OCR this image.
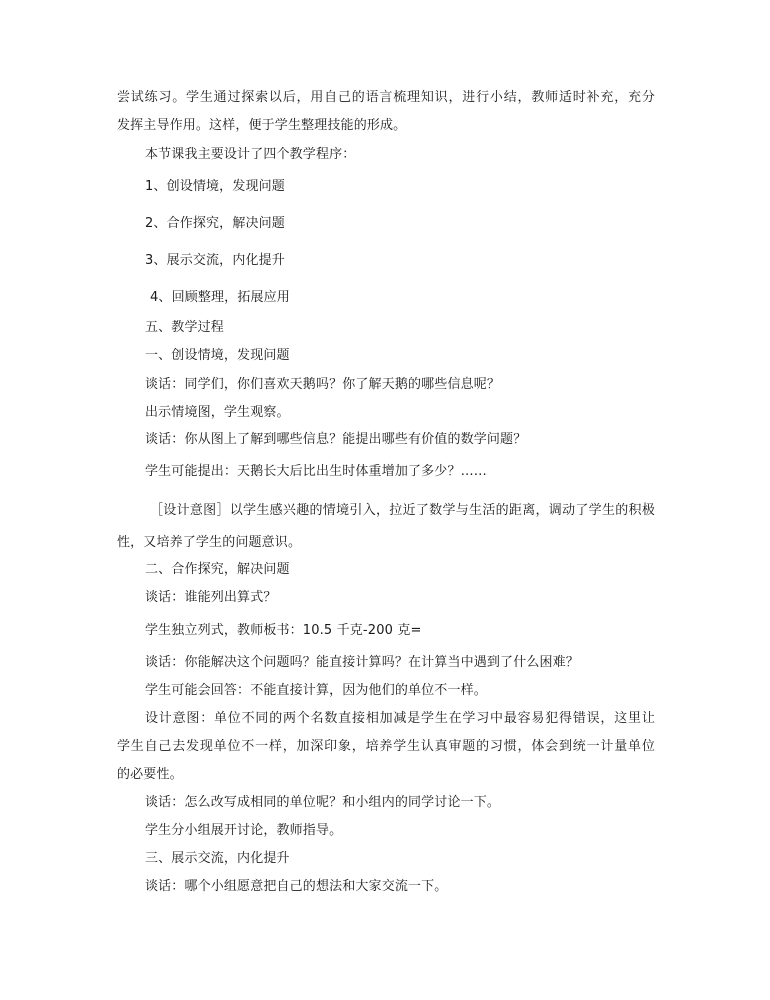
尝试练习。学生通过探索以后，用自己的语言梳理知识，进行小结，教师适时补充，充分

发挥主导作用。这样，便于学生整理技能的形成。

本节课我主要设计了四个教学程序：

1、创设情境，发现问题

2、合作探究，解决问题

3、展示交流，内化提升

4、回顾整理，拓展应用

五、教学过程

一、创设情境，发现问题

谈话：同学们，你们喜欢天鹅吗？你了解天鹅的哪些信息呢？

出示情境图，学生观察。

谈话：你从图上了解到哪些信息？能提出哪些有价值的数学问题？

学生可能提出：天鹅长大后比出生时体重增加了多少？……

［设计意图］以学生感兴趣的情境引入，拉近了数学与生活的距离，调动了学生的积极

性，又培养了学生的问题意识。

二、合作探究，解决问题

谈话：谁能列出算式？

学生独立列式，教师板书：10.5 千克-200 克=

谈话：你能解决这个问题吗？能直接计算吗？在计算当中遇到了什么困难？

学生可能会回答：不能直接计算，因为他们的单位不一样。

设计意图：单位不同的两个名数直接相加减是学生在学习中最容易犯得错误，这里让

学生自己去发现单位不一样，加深印象，培养学生认真审题的习惯，体会到统一计量单位

的必要性。

谈话：怎么改写成相同的单位呢？和小组内的同学讨论一下。

学生分小组展开讨论，教师指导。

三、展示交流，内化提升

谈话：哪个小组愿意把自己的想法和大家交流一下。
